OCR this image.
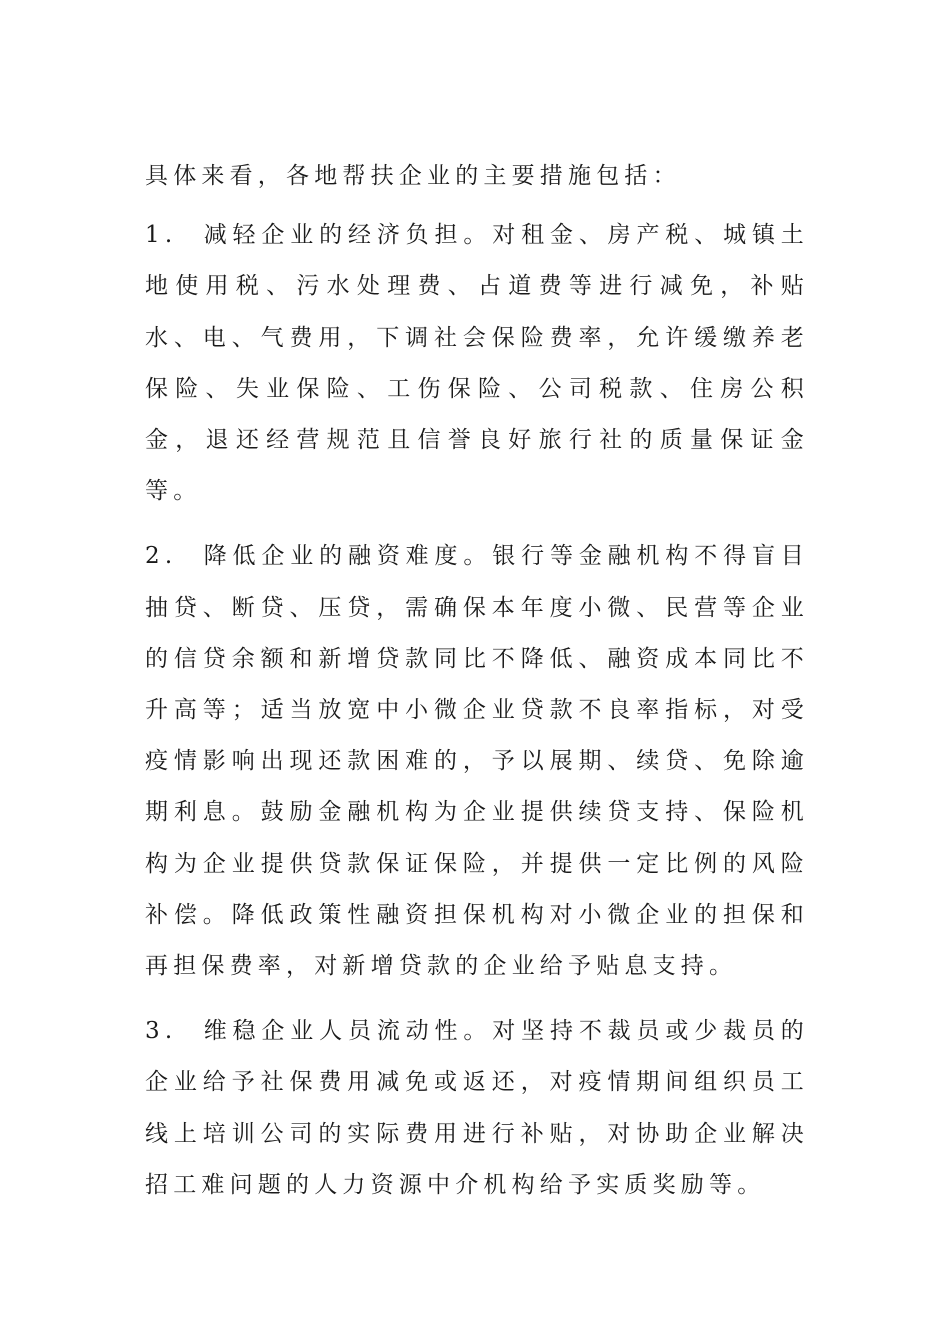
具体来看，各地帮扶企业的主要措施包括：

1. 减轻企业的经济负担。对租金、房产税、城镇土地使用税、污水处理费、占道费等进行减免，补贴水、电、气费用，下调社会保险费率，允许缓缴养老保险、失业保险、工伤保险、公司税款、住房公积金，退还经营规范且信誉良好旅行社的质量保证金等。

2. 降低企业的融资难度。银行等金融机构不得盲目抽贷、断贷、压贷，需确保本年度小微、民营等企业的信贷余额和新增贷款同比不降低、融资成本同比不升高等；适当放宽中小微企业贷款不良率指标，对受疫情影响出现还款困难的，予以展期、续贷、免除逾期利息。鼓励金融机构为企业提供续贷支持、保险机构为企业提供贷款保证保险，并提供一定比例的风险补偿。降低政策性融资担保机构对小微企业的担保和再担保费率，对新增贷款的企业给予贴息支持。

3. 维稳企业人员流动性。对坚持不裁员或少裁员的企业给予社保费用减免或返还，对疫情期间组织员工线上培训公司的实际费用进行补贴，对协助企业解决招工难问题的人力资源中介机构给予实质奖励等。
